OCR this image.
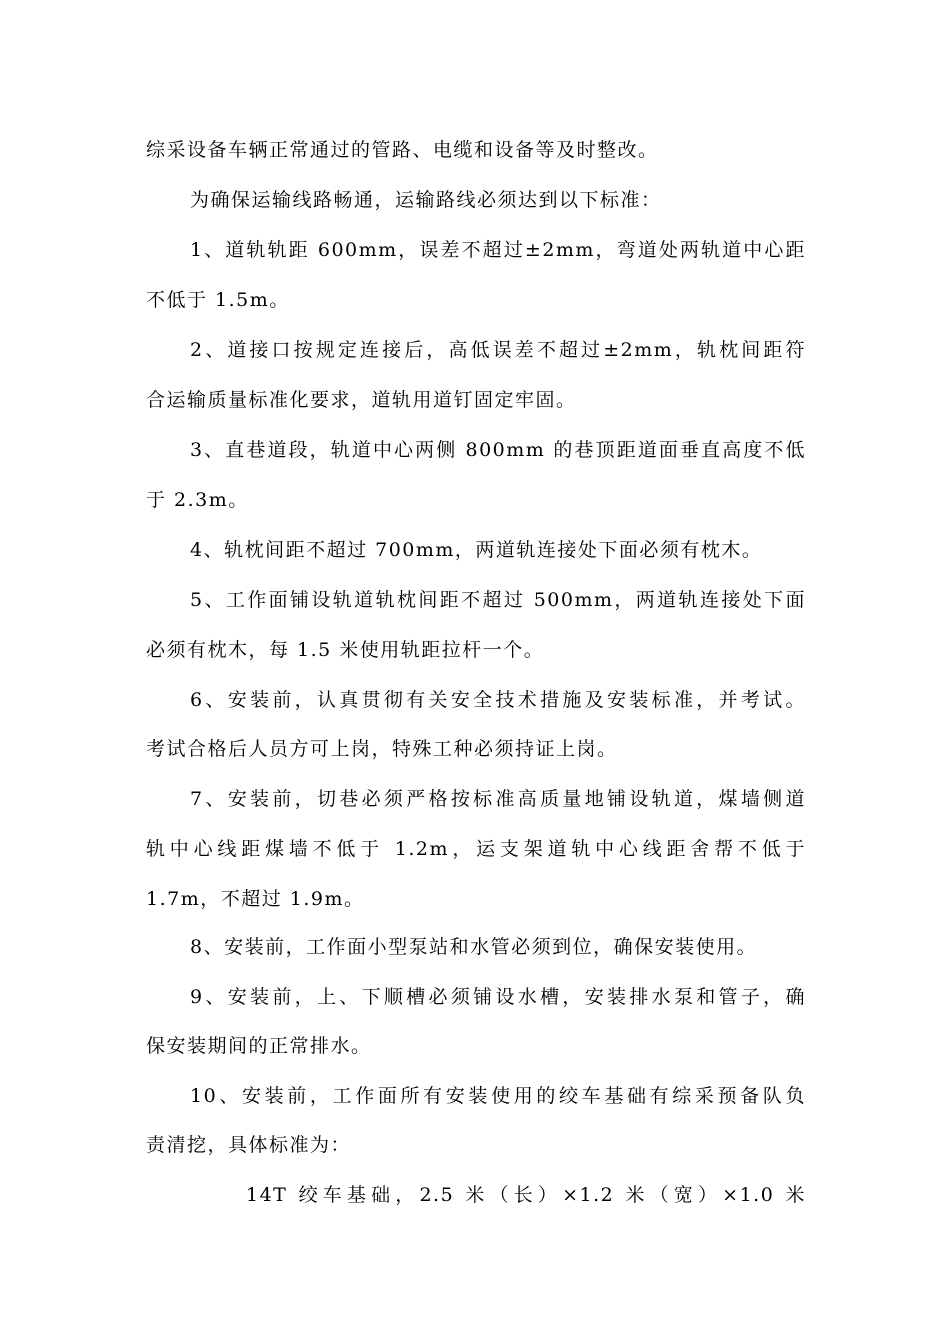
综采设备车辆正常通过的管路、电缆和设备等及时整改。
为确保运输线路畅通，运输路线必须达到以下标准：
1、道轨轨距 600mm，误差不超过±2mm，弯道处两轨道中心距
不低于 1.5m。
2、道接口按规定连接后，高低误差不超过±2mm，轨枕间距符
合运输质量标准化要求，道轨用道钉固定牢固。
3、直巷道段，轨道中心两侧 800mm 的巷顶距道面垂直高度不低
于 2.3m。
4、轨枕间距不超过 700mm，两道轨连接处下面必须有枕木。
5、工作面铺设轨道轨枕间距不超过 500mm，两道轨连接处下面
必须有枕木，每 1.5 米使用轨距拉杆一个。
6、安装前，认真贯彻有关安全技术措施及安装标准，并考试。
考试合格后人员方可上岗，特殊工种必须持证上岗。
7、安装前，切巷必须严格按标准高质量地铺设轨道，煤墙侧道
轨中心线距煤墙不低于 1.2m，运支架道轨中心线距舍帮不低于
1.7m，不超过 1.9m。
8、安装前，工作面小型泵站和水管必须到位，确保安装使用。
9、安装前，上、下顺槽必须铺设水槽，安装排水泵和管子，确
保安装期间的正常排水。
10、安装前，工作面所有安装使用的绞车基础有综采预备队负
责清挖，具体标准为：
14T 绞车基础，2.5 米（长）×1.2 米（宽）×1.0 米
